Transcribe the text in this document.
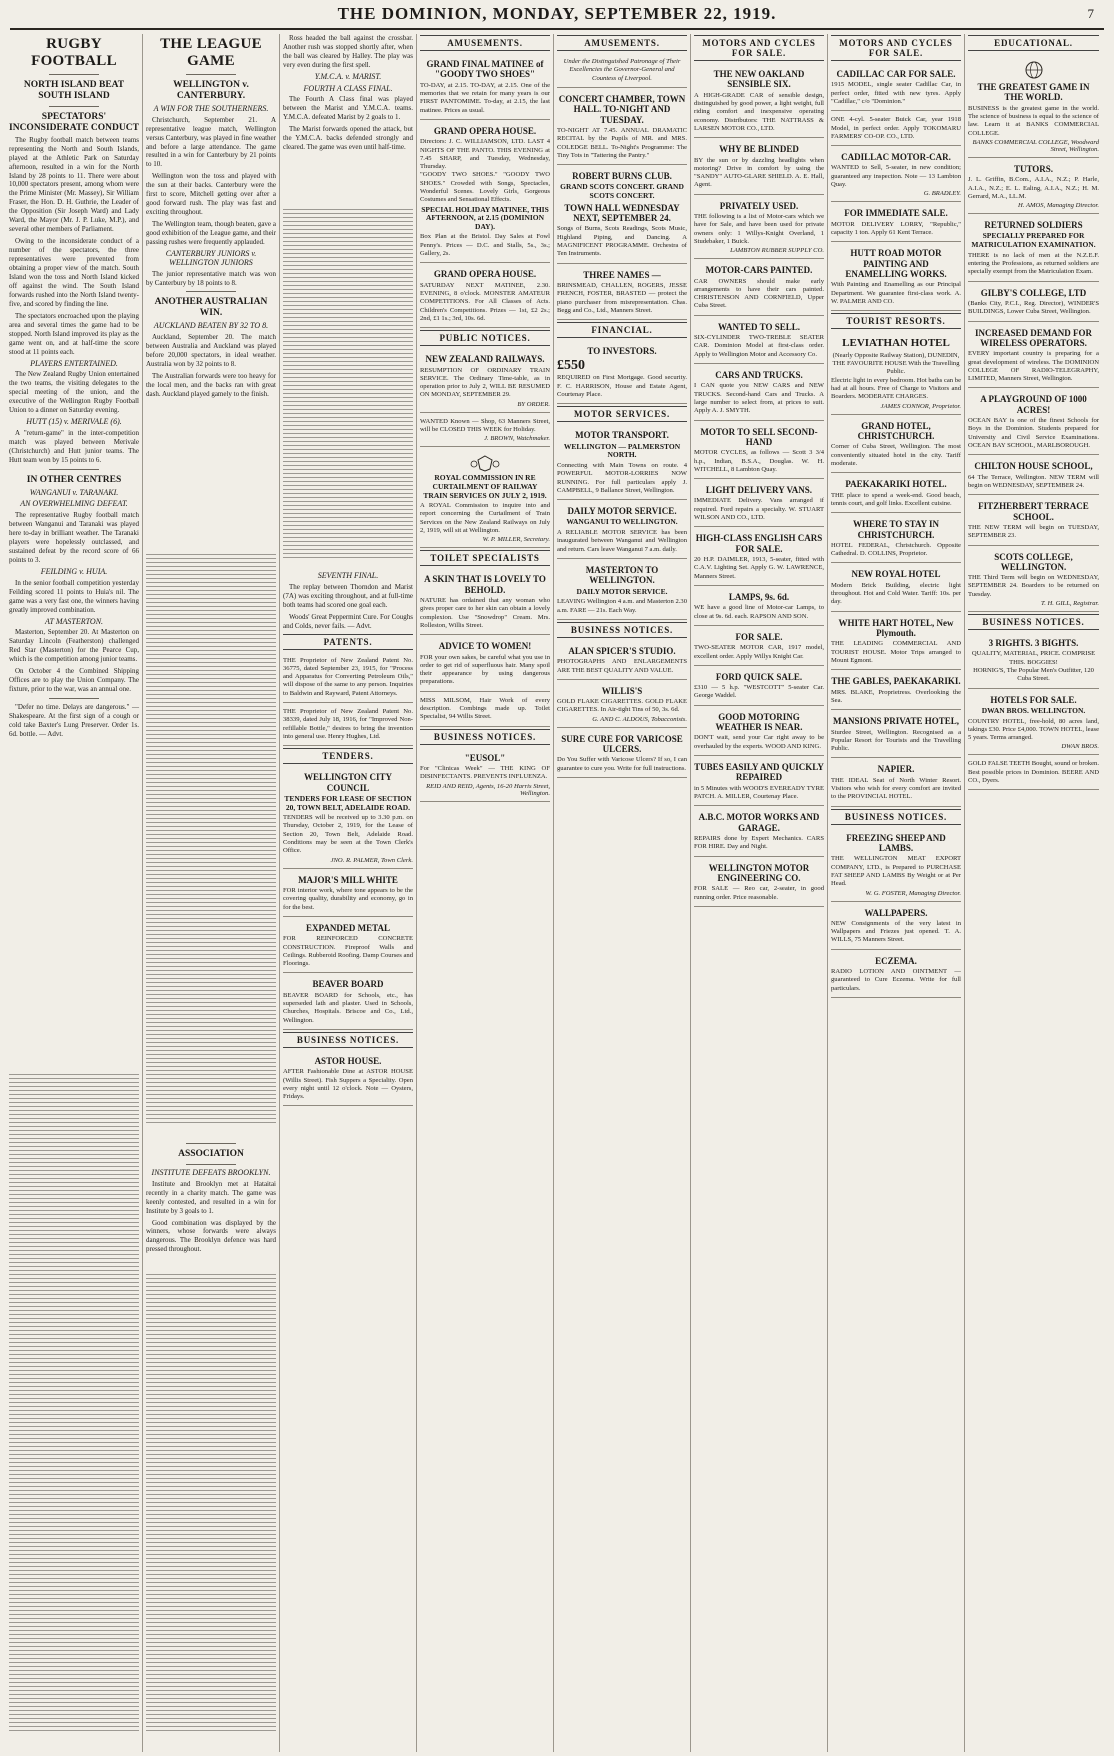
THE DOMINION, MONDAY, SEPTEMBER 22, 1919.	7
RUGBY FOOTBALL
NORTH ISLAND BEAT SOUTH ISLAND
SPECTATORS' INCONSIDERATE CONDUCT

The Rugby football match between teams representing the North and South Islands, played at the Athletic Park on Saturday afternoon, resulted in a win for the North Island by 28 points to 11. There were about 10,000 spectators present, among whom were the Prime Minister (Mr. Massey), Sir William Fraser, the Hon. D. H. Guthrie, the Leader of the Opposition (Sir Joseph Ward) and Lady Ward, the Mayor (Mr. J. P. Luke, M.P.), and several other members of Parliament.

Owing to the inconsiderate conduct of a number of the spectators, the three representatives were prevented from obtaining a proper view of the match. South Island won the toss and North Island kicked off against the wind. The South Island forwards rushed into the North Island twenty-five, and scored by finding the line.

The spectators encroached upon the playing area and several times the game had to be stopped. North Island improved its play as the game went on, and at half-time the score stood at 11 points each.

PLAYERS ENTERTAINED.

The New Zealand Rugby Union entertained the two teams, the visiting delegates to the special meeting of the union, and the executive of the Wellington Rugby Football Union to a dinner on Saturday evening.

HUTT (15) v. MERIVALE (6).

A "return-game" in the inter-competition match was played between Merivale (Christchurch) and Hutt junior teams. The Hutt team won by 15 points to 6.

IN OTHER CENTRES
WANGANUI v. TARANAKI.
AN OVERWHELMING DEFEAT.

The representative Rugby football match between Wanganui and Taranaki was played here to-day in brilliant weather. The Taranaki players were hopelessly outclassed, and sustained defeat by the record score of 66 points to 3.

FEILDING v. HUIA.

In the senior football competition yesterday Feilding scored 11 points to Huia's nil. The game was a very fast one, the winners having greatly improved combination.

AT MASTERTON.

Masterton, September 20. At Masterton on Saturday Lincoln (Featherston) challenged Red Star (Masterton) for the Pearce Cup, which is the competition among junior teams.

On October 4 the Combined Shipping Offices are to play the Union Company. The fixture, prior to the war, was an annual one.

"Defer no time. Delays are dangerous." — Shakespeare. At the first sign of a cough or cold take Baxter's Lung Preserver. Order 1s. 6d. bottle. — Advt.

THE LEAGUE GAME
WELLINGTON v. CANTERBURY.
A WIN FOR THE SOUTHERNERS.

Christchurch, September 21. A representative league match, Wellington versus Canterbury, was played in fine weather and before a large attendance. The game resulted in a win for Canterbury by 21 points to 10.

Wellington won the toss and played with the sun at their backs. Canterbury were the first to score, Mitchell getting over after a good forward rush. The play was fast and exciting throughout.

The Wellington team, though beaten, gave a good exhibition of the League game, and their passing rushes were frequently applauded.

CANTERBURY JUNIORS v. WELLINGTON JUNIORS

The junior representative match was won by Canterbury by 18 points to 8.

ANOTHER AUSTRALIAN WIN.
AUCKLAND BEATEN BY 32 TO 8.

Auckland, September 20. The match between Australia and Auckland was played before 20,000 spectators, in ideal weather. Australia won by 32 points to 8.

The Australian forwards were too heavy for the local men, and the backs ran with great dash. Auckland played gamely to the finish.

ASSOCIATION
INSTITUTE DEFEATS BROOKLYN.

Institute and Brooklyn met at Hataitai recently in a charity match. The game was keenly contested, and resulted in a win for Institute by 3 goals to 1.

Good combination was displayed by the winners, whose forwards were always dangerous. The Brooklyn defence was hard pressed throughout.

Ross headed the ball against the crossbar. Another rush was stopped shortly after, when the ball was cleared by Halley. The play was very even during the first spell.

Y.M.C.A. v. MARIST.
FOURTH A CLASS FINAL.

The Fourth A Class final was played between the Marist and Y.M.C.A. teams. Y.M.C.A. defeated Marist by 2 goals to 1.

The Marist forwards opened the attack, but the Y.M.C.A. backs defended strongly and cleared. The game was even until half-time.

SEVENTH FINAL.

The replay between Thorndon and Marist (7A) was exciting throughout, and at full-time both teams had scored one goal each.

Woods' Great Peppermint Cure. For Coughs and Colds, never fails. — Advt.

PATENTS.
THE Proprietor of New Zealand Patent No. 36775, dated September 23, 1915, for "Process and Apparatus for Converting Petroleum Oils," will dispose of the same to any person. Inquiries to Baldwin and Rayward, Patent Attorneys.
THE Proprietor of New Zealand Patent No. 38339, dated July 18, 1916, for "Improved Non-refillable Bottle," desires to bring the invention into general use. Henry Hughes, Ltd.
TENDERS.
WELLINGTON CITY COUNCIL
TENDERS FOR LEASE OF SECTION 20, TOWN BELT, ADELAIDE ROAD.
TENDERS will be received up to 3.30 p.m. on Thursday, October 2, 1919, for the Lease of Section 20, Town Belt, Adelaide Road. Conditions may be seen at the Town Clerk's Office.
JNO. R. PALMER, Town Clerk.
MAJOR'S MILL WHITE
FOR interior work, where tone appears to be the covering quality, durability and economy, go in for the best.
EXPANDED METAL
FOR REINFORCED CONCRETE CONSTRUCTION. Fireproof Walls and Ceilings. Rubberoid Roofing. Damp Courses and Floorings.
BEAVER BOARD
BEAVER BOARD for Schools, etc., has superseded lath and plaster. Used in Schools, Churches, Hospitals. Briscoe and Co., Ltd., Wellington.
BUSINESS NOTICES.
ASTOR HOUSE.
AFTER Fashionable Dine at ASTOR HOUSE (Willis Street). Fish Suppers a Speciality. Open every night until 12 o'clock. Note — Oysters, Fridays.
AMUSEMENTS.
GRAND FINAL MATINEE of "GOODY TWO SHOES"
TO-DAY, at 2.15. TO-DAY, at 2.15. One of the memories that we retain for many years is our FIRST PANTOMIME. To-day, at 2.15, the last matinee. Prices as usual.
GRAND OPERA HOUSE.
Directors: J. C. WILLIAMSON, LTD. LAST 4 NIGHTS OF THE PANTO. THIS EVENING at 7.45 SHARP, and Tuesday, Wednesday, Thursday.
"GOODY TWO SHOES." "GOODY TWO SHOES." Crowded with Songs, Spectacles, Wonderful Scenes. Lovely Girls, Gorgeous Costumes and Sensational Effects.
SPECIAL HOLIDAY MATINEE, THIS AFTERNOON, at 2.15 (DOMINION DAY).
Box Plan at the Bristol. Day Sales at Fowl Penny's. Prices — D.C. and Stalls, 5s., 3s.; Gallery, 2s.
GRAND OPERA HOUSE.
SATURDAY NEXT MATINEE, 2.30. EVENING, 8 o'clock. MONSTER AMATEUR COMPETITIONS. For All Classes of Acts. Children's Competitions. Prizes — 1st, £2 2s.; 2nd, £1 1s.; 3rd, 10s. 6d.
PUBLIC NOTICES.
NEW ZEALAND RAILWAYS.
RESUMPTION OF ORDINARY TRAIN SERVICE. The Ordinary Time-table, as in operation prior to July 2, WILL BE RESUMED ON MONDAY, SEPTEMBER 29.
BY ORDER.
WANTED Known — Shop, 63 Manners Street, will be CLOSED THIS WEEK for Holiday.
J. BROWN, Watchmaker.
ROYAL COMMISSION IN RE CURTAILMENT OF RAILWAY TRAIN SERVICES ON JULY 2, 1919.
A ROYAL Commission to inquire into and report concerning the Curtailment of Train Services on the New Zealand Railways on July 2, 1919, will sit at Wellington.
W. P. MILLER, Secretary.
TOILET SPECIALISTS
A SKIN THAT IS LOVELY TO BEHOLD.
NATURE has ordained that any woman who gives proper care to her skin can obtain a lovely complexion. Use "Snowdrop" Cream. Mrs. Rolleston, Willis Street.
ADVICE TO WOMEN!
FOR your own sakes, be careful what you use in order to get rid of superfluous hair. Many spoil their appearance by using dangerous preparations.
MISS MILSOM, Hair Work of every description. Combings made up. Toilet Specialist, 94 Willis Street.
BUSINESS NOTICES.
"EUSOL"
For "Clinicas Week" — THE KING OF DISINFECTANTS. PREVENTS INFLUENZA.
REID AND REID, Agents, 16-20 Harris Street, Wellington.
AMUSEMENTS.
Under the Distinguished Patronage of Their Excellencies the Governor-General and Countess of Liverpool.
CONCERT CHAMBER, TOWN HALL. TO-NIGHT AND TUESDAY.
TO-NIGHT AT 7.45. ANNUAL DRAMATIC RECITAL by the Pupils of MR. and MRS. COLEDGE BELL. To-Night's Programme: The Tiny Tots in "Tattering the Pantry."
ROBERT BURNS CLUB.
GRAND SCOTS CONCERT. GRAND SCOTS CONCERT.
TOWN HALL WEDNESDAY NEXT, SEPTEMBER 24.
Songs of Burns, Scots Readings, Scots Music, Highland Piping, and Dancing. A MAGNIFICENT PROGRAMME. Orchestra of Ten Instruments.
THREE NAMES —
BRINSMEAD, CHALLEN, ROGERS, JESSE FRENCH, FOSTER, BRASTED — protect the piano purchaser from misrepresentation. Chas. Begg and Co., Ltd., Manners Street.
FINANCIAL.
TO INVESTORS.
£550
REQUIRED on First Mortgage. Good security. F. C. HARRISON, House and Estate Agent, Courtenay Place.
MOTOR SERVICES.
MOTOR TRANSPORT.
WELLINGTON — PALMERSTON NORTH.
Connecting with Main Towns on route. 4 POWERFUL MOTOR-LORRIES NOW RUNNING. For full particulars apply J. CAMPBELL, 9 Ballance Street, Wellington.
DAILY MOTOR SERVICE.
WANGANUI TO WELLINGTON.
A RELIABLE MOTOR SERVICE has been inaugurated between Wanganui and Wellington and return. Cars leave Wanganui 7 a.m. daily.
MASTERTON TO WELLINGTON.
DAILY MOTOR SERVICE.
LEAVING Wellington 4 a.m. and Masterton 2.30 a.m. FARE — 21s. Each Way.
BUSINESS NOTICES.
ALAN SPICER'S STUDIO.
PHOTOGRAPHS AND ENLARGEMENTS ARE THE BEST QUALITY AND VALUE.
WILLIS'S
GOLD FLAKE CIGARETTES. GOLD FLAKE CIGARETTES. In Air-tight Tins of 50, 3s. 6d.
G. AND C. ALDOUS, Tobacconists.
SURE CURE FOR VARICOSE ULCERS.
Do You Suffer with Varicose Ulcers? If so, I can guarantee to cure you. Write for full instructions.
MOTORS AND CYCLES FOR SALE.
THE NEW OAKLAND SENSIBLE SIX.
A HIGH-GRADE CAR of sensible design, distinguished by good power, a light weight, full riding comfort and inexpensive operating economy. Distributors: THE NATTRASS & LARSEN MOTOR CO., LTD.
WHY BE BLINDED
BY the sun or by dazzling headlights when motoring? Drive in comfort by using the "SANDY" AUTO-GLARE SHIELD. A. E. Hall, Agent.
PRIVATELY USED.
THE following is a list of Motor-cars which we have for Sale, and have been used for private owners only: 1 Willys-Knight Overland, 1 Studebaker, 1 Buick.
LAMBTON RUBBER SUPPLY CO.
MOTOR-CARS PAINTED.
CAR OWNERS should make early arrangements to have their cars painted. CHRISTENSON AND CORNFIELD, Upper Cuba Street.
WANTED TO SELL.
SIX-CYLINDER TWO-TREBLE SEATER CAR. Dominion Model at first-class order. Apply to Wellington Motor and Accessory Co.
CARS AND TRUCKS.
I CAN quote you NEW CARS and NEW TRUCKS. Second-hand Cars and Trucks. A large number to select from, at prices to suit. Apply A. J. SMYTH.
MOTOR TO SELL SECOND-HAND
MOTOR CYCLES, as follows — Scott 3 3/4 h.p., Indian, B.S.A., Douglas. W. H. WITCHELL, 8 Lambton Quay.
LIGHT DELIVERY VANS.
IMMEDIATE Delivery. Vans arranged if required. Ford repairs a specialty. W. STUART WILSON AND CO., LTD.
HIGH-CLASS ENGLISH CARS FOR SALE.
20 H.P. DAIMLER, 1913, 5-seater, fitted with C.A.V. Lighting Set. Apply G. W. LAWRENCE, Manners Street.
LAMPS, 9s. 6d.
WE have a good line of Motor-car Lamps, to close at 9s. 6d. each. RAPSON AND SON.
FOR SALE.
TWO-SEATER MOTOR CAR, 1917 model, excellent order. Apply Willys Knight Car.
FORD QUICK SALE.
£310 — 5 h.p. "WESTCOTT" 5-seater Car. George Waddel.
GOOD MOTORING WEATHER IS NEAR.
DON'T wait, send your Car right away to be overhauled by the experts. WOOD AND KING.
TUBES EASILY AND QUICKLY REPAIRED
in 5 Minutes with WOOD'S EVEREADY TYRE PATCH. A. MILLER, Courtenay Place.
A.B.C. MOTOR WORKS AND GARAGE.
REPAIRS done by Expert Mechanics. CARS FOR HIRE. Day and Night.
WELLINGTON MOTOR ENGINEERING CO.
FOR SALE — Reo car, 2-seater, in good running order. Price reasonable.
MOTORS AND CYCLES FOR SALE.
CADILLAC CAR FOR SALE.
1915 MODEL, single seater Cadillac Car, in perfect order, fitted with new tyres. Apply "Cadillac," c/o "Dominion."
ONE 4-cyl. 5-seater Buick Car, year 1918 Model, in perfect order. Apply TOKOMARU FARMERS' CO-OP. CO., LTD.
CADILLAC MOTOR-CAR.
WANTED to Sell, 5-seater, in new condition; guaranteed any inspection. Note — 13 Lambton Quay.
G. BRADLEY.
FOR IMMEDIATE SALE.
MOTOR DELIVERY LORRY, "Republic," capacity 1 ton. Apply 61 Kent Terrace.
HUTT ROAD MOTOR PAINTING AND ENAMELLING WORKS.
With Painting and Enamelling as our Principal Department. We guarantee first-class work. A. W. PALMER AND CO.
TOURIST RESORTS.
LEVIATHAN HOTEL
(Nearly Opposite Railway Station), DUNEDIN, THE FAVOURITE HOUSE With the Travelling Public.
Electric light in every bedroom. Hot baths can be had at all hours. Free of Charge to Visitors and Boarders. MODERATE CHARGES.
JAMES CONNOR, Proprietor.
GRAND HOTEL, CHRISTCHURCH.
Corner of Cuba Street, Wellington. The most conveniently situated hotel in the city. Tariff moderate.
PAEKAKARIKI HOTEL.
THE place to spend a week-end. Good beach, tennis court, and golf links. Excellent cuisine.
WHERE TO STAY IN CHRISTCHURCH.
HOTEL FEDERAL, Christchurch. Opposite Cathedral. D. COLLINS, Proprietor.
NEW ROYAL HOTEL
Modern Brick Building, electric light throughout. Hot and Cold Water. Tariff: 10s. per day.
WHITE HART HOTEL, New Plymouth.
THE LEADING COMMERCIAL AND TOURIST HOUSE. Motor Trips arranged to Mount Egmont.
THE GABLES, PAEKAKARIKI.
MRS. BLAKE, Proprietress. Overlooking the Sea.
MANSIONS PRIVATE HOTEL,
Sturdee Street, Wellington. Recognised as a Popular Resort for Tourists and the Travelling Public.
NAPIER.
THE IDEAL Seat of North Winter Resort. Visitors who wish for every comfort are invited to the PROVINCIAL HOTEL.
BUSINESS NOTICES.
FREEZING SHEEP AND LAMBS.
THE WELLINGTON MEAT EXPORT COMPANY, LTD., is Prepared to PURCHASE FAT SHEEP AND LAMBS By Weight or at Per Head.
W. G. FOSTER, Managing Director.
WALLPAPERS.
NEW Consignments of the very latest in Wallpapers and Friezes just opened. T. A. WILLS, 75 Manners Street.
ECZEMA.
RADIO LOTION AND OINTMENT — guaranteed to Cure Eczema. Write for full particulars.
EDUCATIONAL.
THE GREATEST GAME IN THE WORLD.
BUSINESS is the greatest game in the world. The science of business is equal to the science of law. Learn it at BANKS COMMERCIAL COLLEGE.
BANKS COMMERCIAL COLLEGE, Woodward Street, Wellington.
TUTORS.
J. L. Griffin, B.Com., A.I.A., N.Z.; P. Harle, A.I.A., N.Z.; E. L. Ealing, A.I.A., N.Z.; H. M. Gerrard, M.A., LL.M.
H. AMOS, Managing Director.
RETURNED SOLDIERS
SPECIALLY PREPARED FOR MATRICULATION EXAMINATION.
THERE is no lack of men at the N.Z.E.F. entering the Professions, as returned soldiers are specially exempt from the Matriculation Exam.
GILBY'S COLLEGE, LTD
(Banks City, P.C.I., Reg. Director), WINDER'S BUILDINGS, Lower Cuba Street, Wellington.
INCREASED DEMAND FOR WIRELESS OPERATORS.
EVERY important country is preparing for a great development of wireless. The DOMINION COLLEGE OF RADIO-TELEGRAPHY, LIMITED, Manners Street, Wellington.
A PLAYGROUND OF 1000 ACRES!
OCEAN BAY is one of the finest Schools for Boys in the Dominion. Students prepared for University and Civil Service Examinations. OCEAN BAY SCHOOL, MARLBOROUGH.
CHILTON HOUSE SCHOOL,
64 The Terrace, Wellington. NEW TERM will begin on WEDNESDAY, SEPTEMBER 24.
FITZHERBERT TERRACE SCHOOL.
THE NEW TERM will begin on TUESDAY, SEPTEMBER 23.
SCOTS COLLEGE, WELLINGTON.
THE Third Term will begin on WEDNESDAY, SEPTEMBER 24. Boarders to be returned on Tuesday.
T. H. GILL, Registrar.
BUSINESS NOTICES.
3 RIGHTS. 3 BIGHTS.
QUALITY, MATERIAL, PRICE. COMPRISE THIS. BOGGIES!
HORNIG'S, The Popular Men's Outfitter, 120 Cuba Street.
HOTELS FOR SALE.
DWAN BROS. WELLINGTON.
COUNTRY HOTEL, free-hold, 80 acres land, takings £30. Price £4,000. TOWN HOTEL, lease 5 years. Terms arranged.
DWAN BROS.
GOLD FALSE TEETH Bought, sound or broken. Best possible prices in Dominion. BEERE AND CO., Dyers.
